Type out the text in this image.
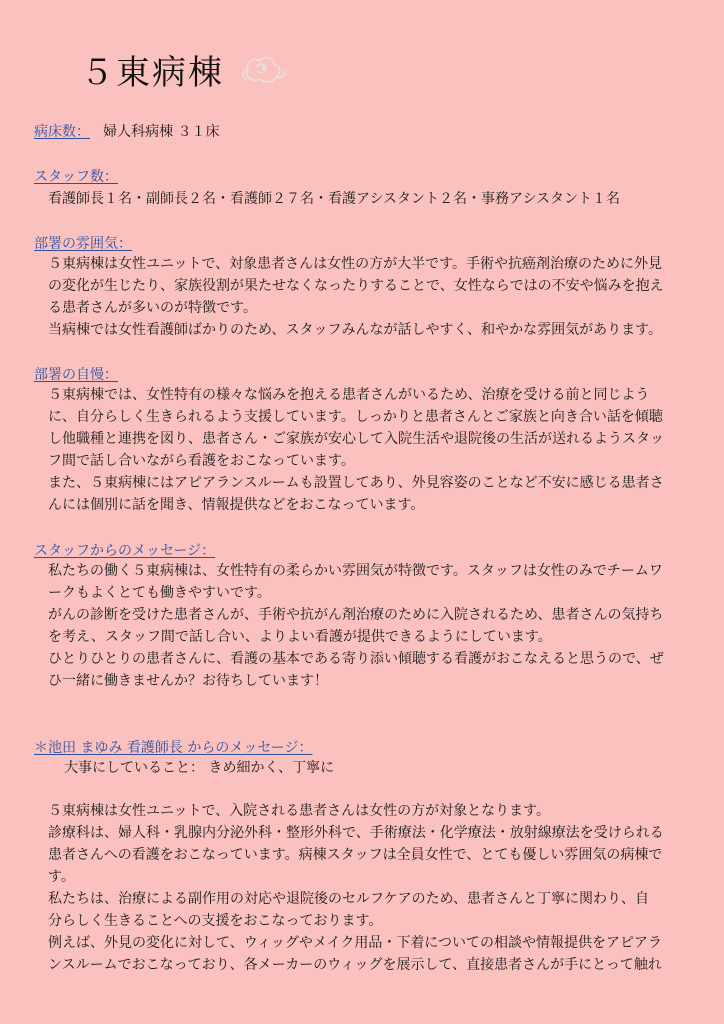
５東病棟
病床数： 婦人科病棟 ３１床
スタッフ数：
看護師長１名・副師長２名・看護師２７名・看護アシスタント２名・事務アシスタント１名
部署の雰囲気：
５東病棟は女性ユニットで、対象患者さんは女性の方が大半です。手術や抗癌剤治療のために外見
の変化が生じたり、家族役割が果たせなくなったりすることで、女性ならではの不安や悩みを抱え
る患者さんが多いのが特徴です。
当病棟では女性看護師ばかりのため、スタッフみんなが話しやすく、和やかな雰囲気があります。
部署の自慢：
５東病棟では、女性特有の様々な悩みを抱える患者さんがいるため、治療を受ける前と同じよう
に、自分らしく生きられるよう支援しています。しっかりと患者さんとご家族と向き合い話を傾聴
し他職種と連携を図り、患者さん・ご家族が安心して入院生活や退院後の生活が送れるようスタッ
フ間で話し合いながら看護をおこなっています。
また、５東病棟にはアピアランスルームも設置してあり、外見容姿のことなど不安に感じる患者さ
んには個別に話を聞き、情報提供などをおこなっています。
スタッフからのメッセージ：
私たちの働く５東病棟は、女性特有の柔らかい雰囲気が特徴です。スタッフは女性のみでチームワ
ークもよくとても働きやすいです。
がんの診断を受けた患者さんが、手術や抗がん剤治療のために入院されるため、患者さんの気持ち
を考え、スタッフ間で話し合い、よりよい看護が提供できるようにしています。
ひとりひとりの患者さんに、看護の基本である寄り添い傾聴する看護がおこなえると思うので、ぜ
ひ一緒に働きませんか？お待ちしています！
＊池田 まゆみ 看護師長 からのメッセージ：
大事にしていること： きめ細かく、丁寧に
５東病棟は女性ユニットで、入院される患者さんは女性の方が対象となります。
診療科は、婦人科・乳腺内分泌外科・整形外科で、手術療法・化学療法・放射線療法を受けられる
患者さんへの看護をおこなっています。病棟スタッフは全員女性で、とても優しい雰囲気の病棟で
す。
私たちは、治療による副作用の対応や退院後のセルフケアのため、患者さんと丁寧に関わり、自
分らしく生きることへの支援をおこなっております。
例えば、外見の変化に対して、ウィッグやメイク用品・下着についての相談や情報提供をアピアラ
ンスルームでおこなっており、各メーカーのウィッグを展示して、直接患者さんが手にとって触れ
